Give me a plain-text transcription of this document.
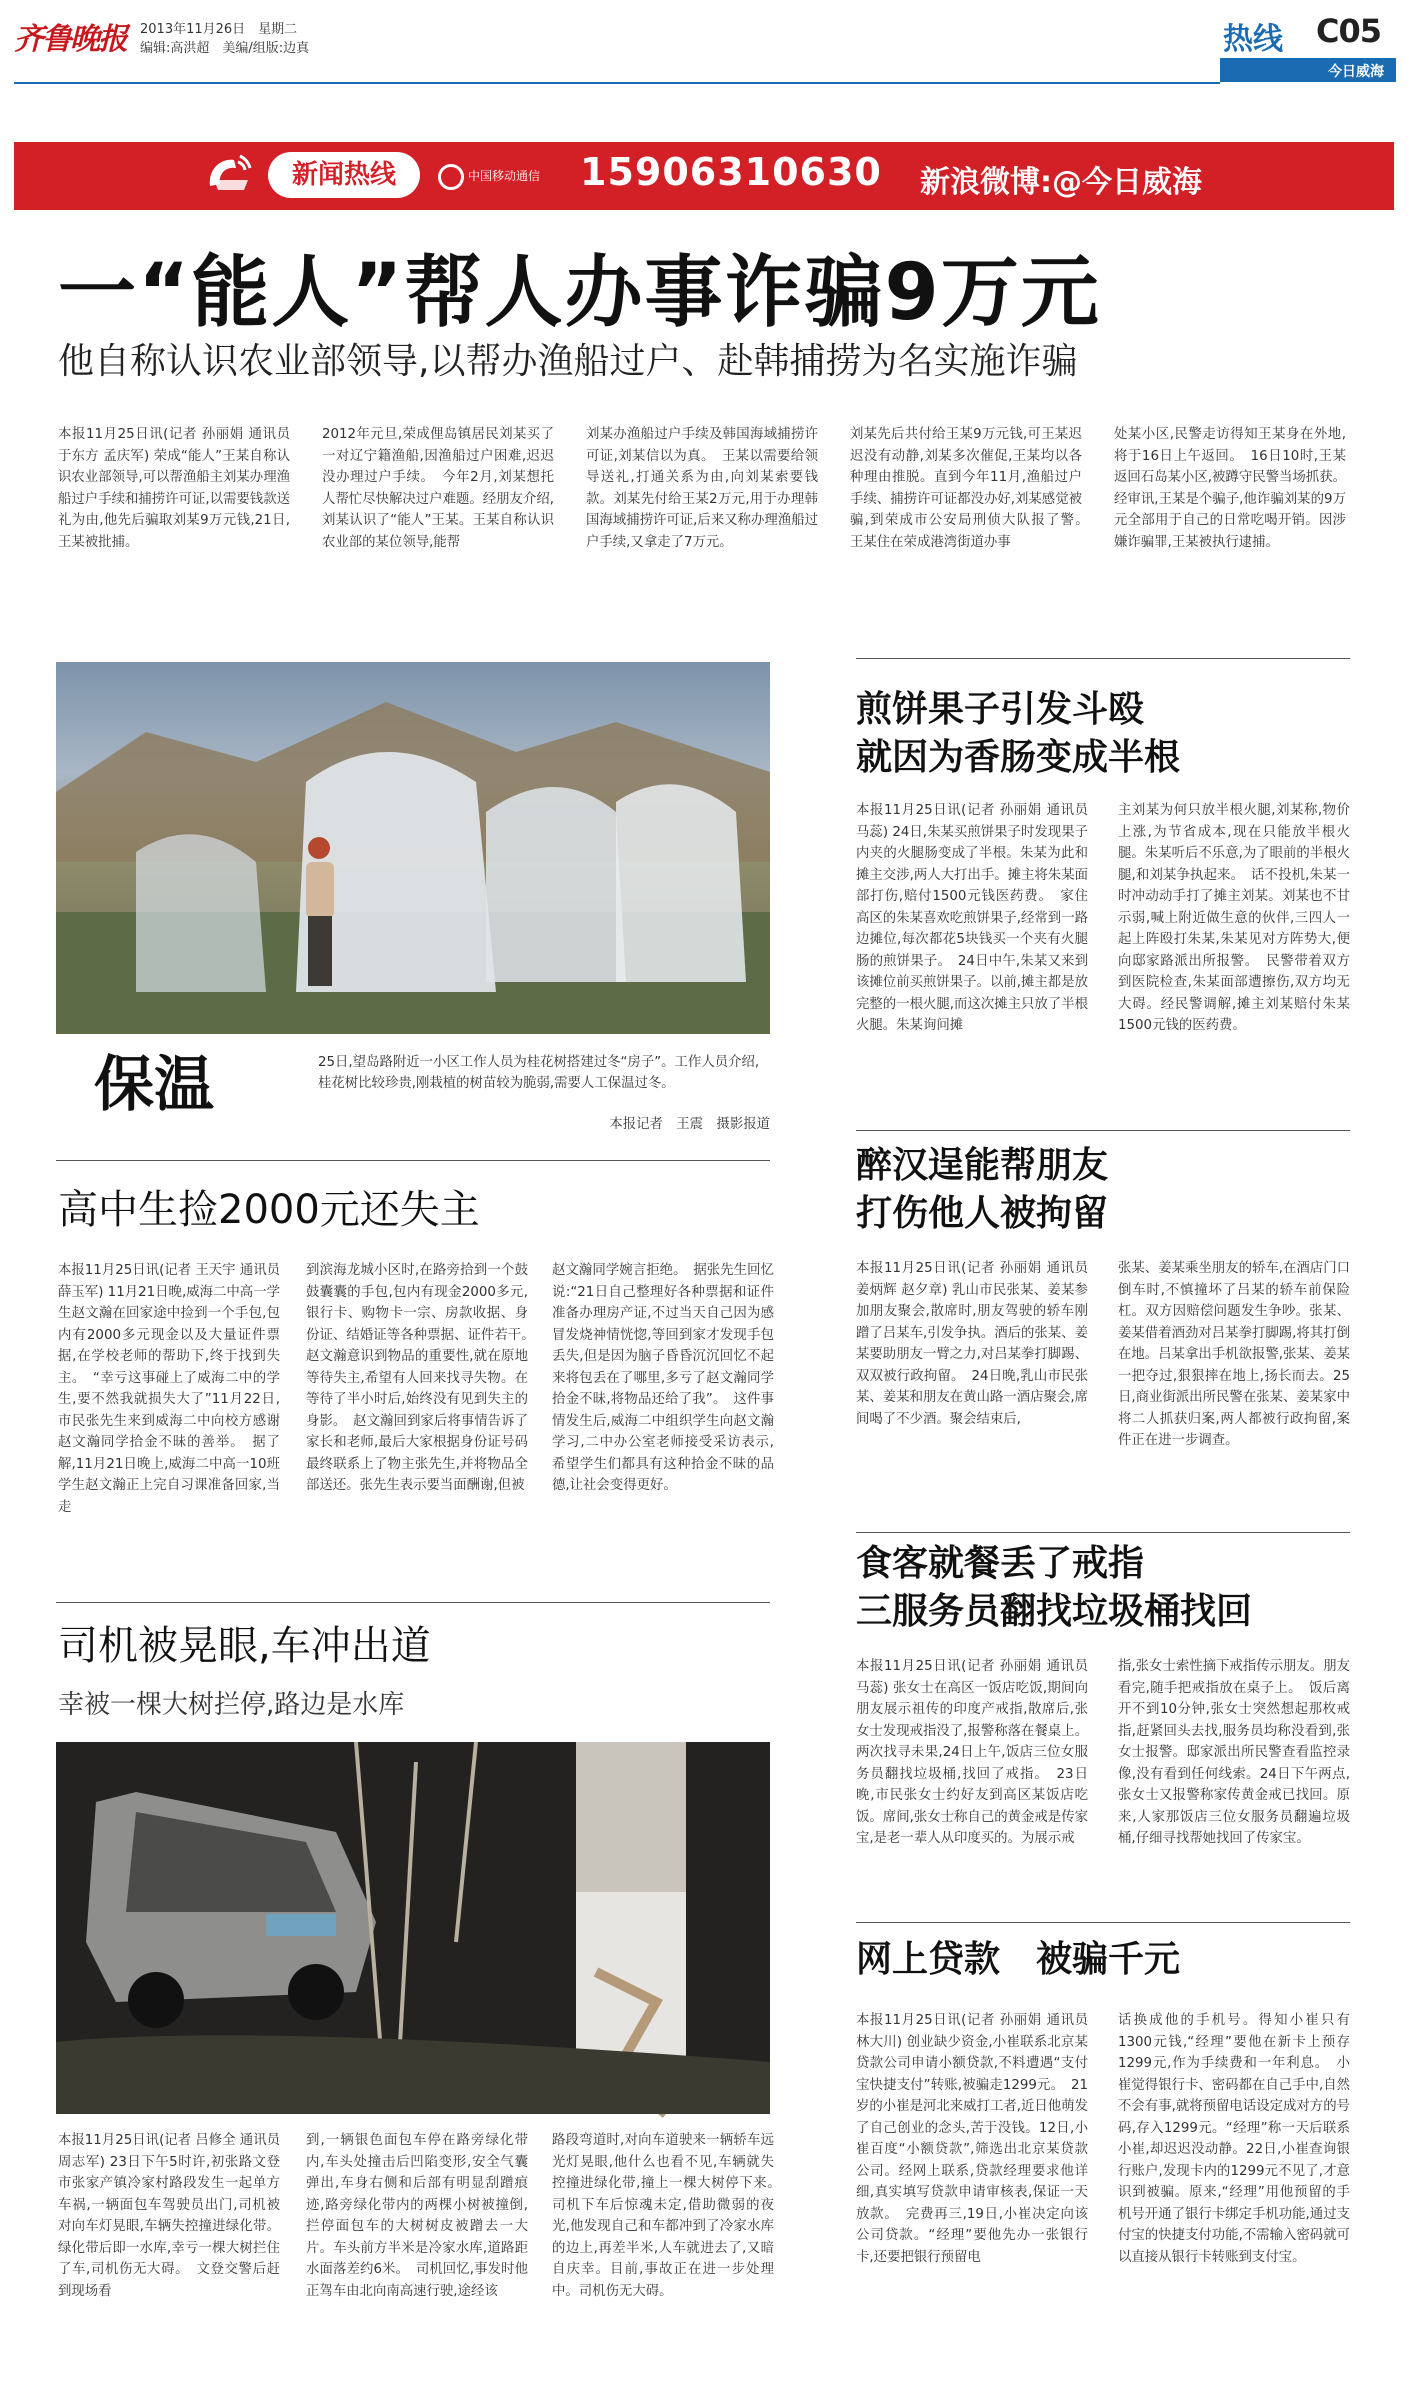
齐鲁晚报	2013年11月26日　星期二
编辑:高洪超　美编/组版:边真	热线 C05
今日威海
新闻热线	中国移动通信	15906310630 新浪微博:@今日威海
一“能人”帮人办事诈骗9万元
他自称认识农业部领导,以帮办渔船过户、赴韩捕捞为名实施诈骗
本报11月25日讯(记者 孙丽娟 通讯员 于东方 孟庆军) 荣成“能人”王某自称认识农业部领导,可以帮渔船主刘某办理渔船过户手续和捕捞许可证,以需要钱款送礼为由,他先后骗取刘某9万元钱,21日,王某被批捕。
2012年元旦,荣成俚岛镇居民刘某买了一对辽宁籍渔船,因渔船过户困难,迟迟没办理过户手续。　今年2月,刘某想托人帮忙尽快解决过户难题。经朋友介绍,刘某认识了“能人”王某。王某自称认识农业部的某位领导,能帮
刘某办渔船过户手续及韩国海域捕捞许可证,刘某信以为真。　王某以需要给领导送礼,打通关系为由,向刘某索要钱款。刘某先付给王某2万元,用于办理韩国海域捕捞许可证,后来又称办理渔船过户手续,又拿走了7万元。
刘某先后共付给王某9万元钱,可王某迟迟没有动静,刘某多次催促,王某均以各种理由推脱。直到今年11月,渔船过户手续、捕捞许可证都没办好,刘某感觉被骗,到荣成市公安局刑侦大队报了警。　王某住在荣成港湾街道办事
处某小区,民警走访得知王某身在外地,将于16日上午返回。　16日10时,王某返回石岛某小区,被蹲守民警当场抓获。经审讯,王某是个骗子,他诈骗刘某的9万元全部用于自己的日常吃喝开销。因涉嫌诈骗罪,王某被执行逮捕。
保温	25日,望岛路附近一小区工作人员为桂花树搭建过冬“房子”。工作人员介绍,桂花树比较珍贵,刚栽植的树苗较为脆弱,需要人工保温过冬。
本报记者　王震　摄影报道
高中生捡2000元还失主
本报11月25日讯(记者 王天宇 通讯员 薛玉军) 11月21日晚,威海二中高一学生赵文瀚在回家途中捡到一个手包,包内有2000多元现金以及大量证件票据,在学校老师的帮助下,终于找到失主。　“幸亏这事碰上了威海二中的学生,要不然我就损失大了”11月22日,市民张先生来到威海二中向校方感谢赵文瀚同学拾金不昧的善举。　据了解,11月21日晚上,威海二中高一10班学生赵文瀚正上完自习课准备回家,当走
到滨海龙城小区时,在路旁拾到一个鼓鼓囊囊的手包,包内有现金2000多元,银行卡、购物卡一宗、房款收据、身份证、结婚证等各种票据、证件若干。　赵文瀚意识到物品的重要性,就在原地等待失主,希望有人回来找寻失物。在等待了半小时后,始终没有见到失主的身影。　赵文瀚回到家后将事情告诉了家长和老师,最后大家根据身份证号码最终联系上了物主张先生,并将物品全部送还。张先生表示要当面酬谢,但被
赵文瀚同学婉言拒绝。　据张先生回忆说:“21日自己整理好各种票据和证件准备办理房产证,不过当天自己因为感冒发烧神情恍惚,等回到家才发现手包丢失,但是因为脑子昏昏沉沉回忆不起来将包丢在了哪里,多亏了赵文瀚同学拾金不昧,将物品还给了我”。　这件事情发生后,威海二中组织学生向赵文瀚学习,二中办公室老师接受采访表示,希望学生们都具有这种拾金不昧的品德,让社会变得更好。
司机被晃眼,车冲出道
幸被一棵大树拦停,路边是水库
本报11月25日讯(记者 吕修全 通讯员 周志军) 23日下午5时许,初张路文登市张家产镇冷家村路段发生一起单方车祸,一辆面包车驾驶员出门,司机被对向车灯晃眼,车辆失控撞进绿化带。绿化带后即一水库,幸亏一棵大树拦住了车,司机伤无大碍。　文登交警后赶到现场看
到,一辆银色面包车停在路旁绿化带内,车头处撞击后凹陷变形,安全气囊弹出,车身右侧和后部有明显刮蹭痕迹,路旁绿化带内的两棵小树被撞倒,拦停面包车的大树树皮被蹭去一大片。车头前方半米是冷家水库,道路距水面落差约6米。　司机回忆,事发时他正驾车由北向南高速行驶,途经该
路段弯道时,对向车道驶来一辆轿车远光灯晃眼,他什么也看不见,车辆就失控撞进绿化带,撞上一棵大树停下来。　司机下车后惊魂未定,借助微弱的夜光,他发现自己和车都冲到了冷家水库的边上,再差半米,人车就进去了,又暗自庆幸。目前,事故正在进一步处理中。司机伤无大碍。
煎饼果子引发斗殴
就因为香肠变成半根
本报11月25日讯(记者 孙丽娟 通讯员 马蕊) 24日,朱某买煎饼果子时发现果子内夹的火腿肠变成了半根。朱某为此和摊主交涉,两人大打出手。摊主将朱某面部打伤,赔付1500元钱医药费。　家住高区的朱某喜欢吃煎饼果子,经常到一路边摊位,每次都花5块钱买一个夹有火腿肠的煎饼果子。　24日中午,朱某又来到该摊位前买煎饼果子。以前,摊主都是放完整的一根火腿,而这次摊主只放了半根火腿。朱某询问摊
主刘某为何只放半根火腿,刘某称,物价上涨,为节省成本,现在只能放半根火腿。朱某听后不乐意,为了眼前的半根火腿,和刘某争执起来。　话不投机,朱某一时冲动动手打了摊主刘某。刘某也不甘示弱,喊上附近做生意的伙伴,三四人一起上阵殴打朱某,朱某见对方阵势大,便向邸家路派出所报警。　民警带着双方到医院检查,朱某面部遭擦伤,双方均无大碍。经民警调解,摊主刘某赔付朱某1500元钱的医药费。
醉汉逞能帮朋友
打伤他人被拘留
本报11月25日讯(记者 孙丽娟 通讯员 姜炳辉 赵夕章) 乳山市民张某、姜某参加朋友聚会,散席时,朋友驾驶的轿车刚蹭了吕某车,引发争执。酒后的张某、姜某要助朋友一臂之力,对吕某拳打脚踢、双双被行政拘留。　24日晚,乳山市民张某、姜某和朋友在黄山路一酒店聚会,席间喝了不少酒。聚会结束后,
张某、姜某乘坐朋友的轿车,在酒店门口倒车时,不慎撞坏了吕某的轿车前保险杠。双方因赔偿问题发生争吵。张某、姜某借着酒劲对吕某拳打脚踢,将其打倒在地。吕某拿出手机欲报警,张某、姜某一把夺过,狠狠摔在地上,扬长而去。25日,商业街派出所民警在张某、姜某家中将二人抓获归案,两人都被行政拘留,案件正在进一步调查。
食客就餐丢了戒指
三服务员翻找垃圾桶找回
本报11月25日讯(记者 孙丽娟 通讯员 马蕊) 张女士在高区一饭店吃饭,期间向朋友展示祖传的印度产戒指,散席后,张女士发现戒指没了,报警称落在餐桌上。两次找寻未果,24日上午,饭店三位女服务员翻找垃圾桶,找回了戒指。　23日晚,市民张女士约好友到高区某饭店吃饭。席间,张女士称自己的黄金戒是传家宝,是老一辈人从印度买的。为展示戒
指,张女士索性摘下戒指传示朋友。朋友看完,随手把戒指放在桌子上。　饭后离开不到10分钟,张女士突然想起那枚戒指,赶紧回头去找,服务员均称没看到,张女士报警。邸家派出所民警查看监控录像,没有看到任何线索。24日下午两点,张女士又报警称家传黄金戒已找回。原来,人家那饭店三位女服务员翻遍垃圾桶,仔细寻找帮她找回了传家宝。
网上贷款　被骗千元
本报11月25日讯(记者 孙丽娟 通讯员 林大川) 创业缺少资金,小崔联系北京某贷款公司申请小额贷款,不料遭遇“支付宝快捷支付”转账,被骗走1299元。　21岁的小崔是河北来威打工者,近日他萌发了自己创业的念头,苦于没钱。12日,小崔百度“小额贷款”,筛选出北京某贷款公司。经网上联系,贷款经理要求他详细,真实填写贷款申请审核表,保证一天放款。　完费再三,19日,小崔决定向该公司贷款。“经理”要他先办一张银行卡,还要把银行预留电
话换成他的手机号。得知小崔只有1300元钱,“经理”要他在新卡上预存1299元,作为手续费和一年利息。　小崔觉得银行卡、密码都在自己手中,自然不会有事,就将预留电话设定成对方的号码,存入1299元。“经理”称一天后联系小崔,却迟迟没动静。22日,小崔查询银行账户,发现卡内的1299元不见了,才意识到被骗。原来,“经理”用他预留的手机号开通了银行卡绑定手机功能,通过支付宝的快捷支付功能,不需输入密码就可以直接从银行卡转账到支付宝。
